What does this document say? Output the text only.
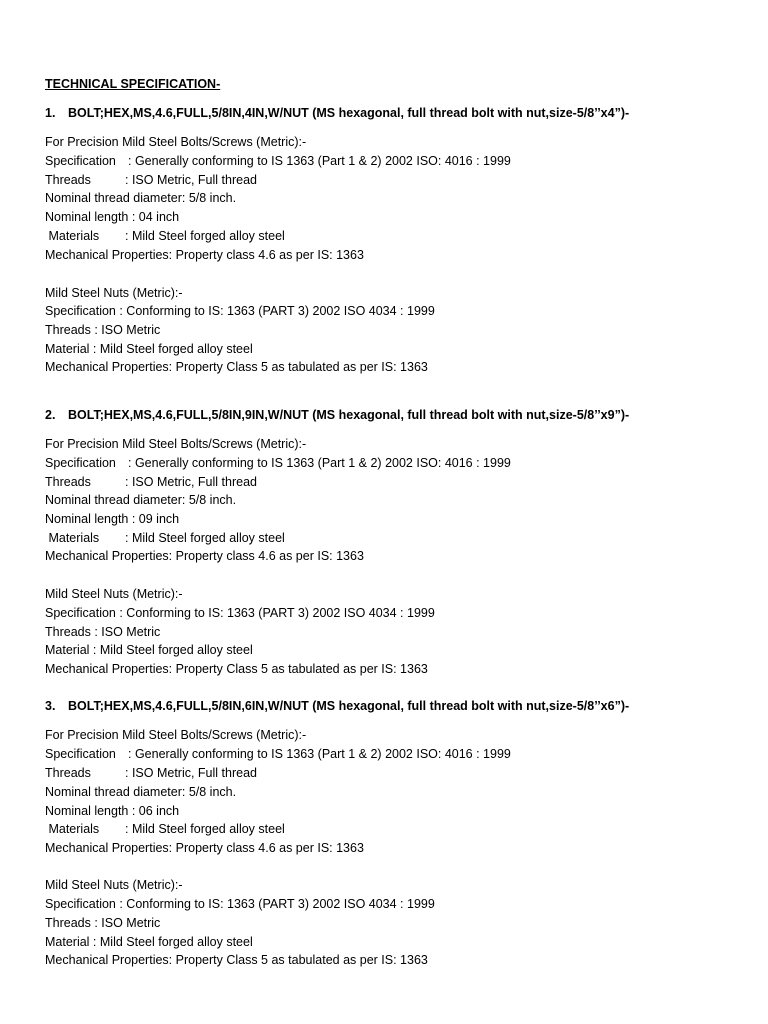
TECHNICAL SPECIFICATION-

1. BOLT;HEX,MS,4.6,FULL,5/8IN,4IN,W/NUT (MS hexagonal, full thread bolt with nut,size-5/8’’x4”)-

For Precision Mild Steel Bolts/Screws (Metric):-

Specification : Generally conforming to IS 1363 (Part 1 & 2) 2002 ISO: 4016 : 1999

Threads	: ISO Metric, Full thread

Nominal thread diameter: 5/8 inch.

Nominal length : 04 inch

Materials : Mild Steel forged alloy steel

Mechanical Properties: Property class 4.6 as per IS: 1363

Mild Steel Nuts (Metric):-

Specification : Conforming to IS: 1363 (PART 3) 2002 ISO 4034 : 1999

Threads : ISO Metric

Material : Mild Steel forged alloy steel

Mechanical Properties: Property Class 5 as tabulated as per IS: 1363

2. BOLT;HEX,MS,4.6,FULL,5/8IN,9IN,W/NUT (MS hexagonal, full thread bolt with nut,size-5/8’’x9”)-

For Precision Mild Steel Bolts/Screws (Metric):-

Specification : Generally conforming to IS 1363 (Part 1 & 2) 2002 ISO: 4016 : 1999

Threads	: ISO Metric, Full thread

Nominal thread diameter: 5/8 inch.

Nominal length : 09 inch

Materials : Mild Steel forged alloy steel

Mechanical Properties: Property class 4.6 as per IS: 1363

Mild Steel Nuts (Metric):-

Specification : Conforming to IS: 1363 (PART 3) 2002 ISO 4034 : 1999

Threads : ISO Metric

Material : Mild Steel forged alloy steel

Mechanical Properties: Property Class 5 as tabulated as per IS: 1363

3. BOLT;HEX,MS,4.6,FULL,5/8IN,6IN,W/NUT (MS hexagonal, full thread bolt with nut,size-5/8’’x6”)-

For Precision Mild Steel Bolts/Screws (Metric):-

Specification : Generally conforming to IS 1363 (Part 1 & 2) 2002 ISO: 4016 : 1999

Threads	: ISO Metric, Full thread

Nominal thread diameter: 5/8 inch.

Nominal length : 06 inch

Materials : Mild Steel forged alloy steel

Mechanical Properties: Property class 4.6 as per IS: 1363

Mild Steel Nuts (Metric):-

Specification : Conforming to IS: 1363 (PART 3) 2002 ISO 4034 : 1999

Threads : ISO Metric

Material : Mild Steel forged alloy steel

Mechanical Properties: Property Class 5 as tabulated as per IS: 1363
